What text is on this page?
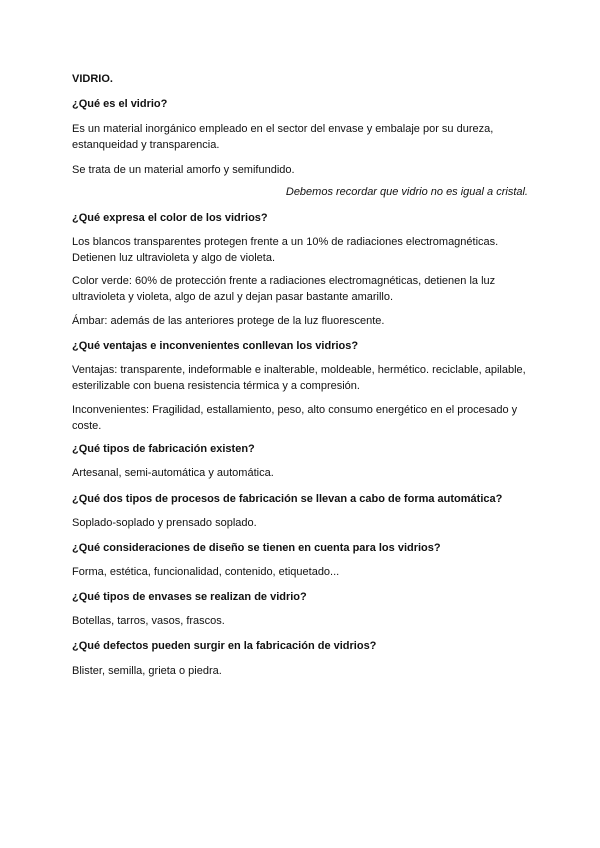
VIDRIO.
¿Qué es el vidrio?
Es un material inorgánico empleado en el sector del envase y embalaje por su dureza, estanqueidad y transparencia.
Se trata de un material amorfo y semifundido.
Debemos recordar que vidrio no es igual a cristal.
¿Qué expresa el color de los vidrios?
Los blancos transparentes protegen frente a un 10% de radiaciones electromagnéticas. Detienen luz ultravioleta y algo de violeta.
Color verde: 60% de protección frente a radiaciones electromagnéticas, detienen la luz ultravioleta y violeta, algo de azul y dejan pasar bastante amarillo.
Ámbar: además de las anteriores protege de la luz fluorescente.
¿Qué ventajas e inconvenientes conllevan los vidrios?
Ventajas: transparente, indeformable e inalterable, moldeable, hermético. reciclable, apilable, esterilizable con buena resistencia térmica y a compresión.
Inconvenientes: Fragilidad, estallamiento, peso, alto consumo energético en el procesado y coste.
¿Qué tipos de fabricación existen?
Artesanal, semi-automática y automática.
¿Qué dos tipos de procesos de fabricación se llevan a cabo de forma automática?
Soplado-soplado y prensado soplado.
¿Qué consideraciones de diseño se tienen en cuenta para los vidrios?
Forma, estética, funcionalidad, contenido, etiquetado...
¿Qué tipos de envases se realizan de vidrio?
Botellas, tarros, vasos, frascos.
¿Qué defectos pueden surgir en la fabricación de vidrios?
Blister, semilla, grieta o piedra.
